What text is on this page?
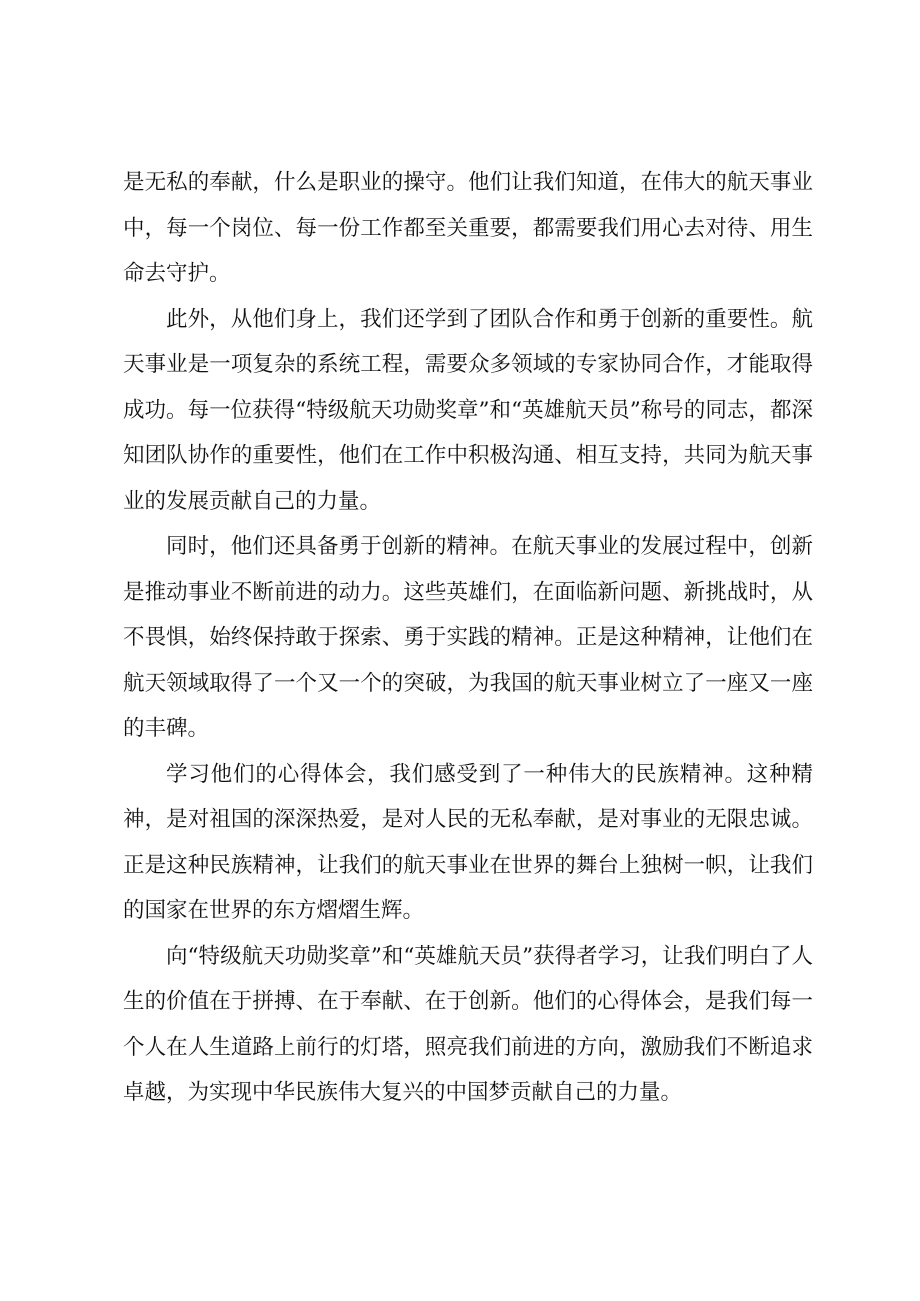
是无私的奉献，什么是职业的操守。他们让我们知道，在伟大的航天事业中，每一个岗位、每一份工作都至关重要，都需要我们用心去对待、用生命去守护。

此外，从他们身上，我们还学到了团队合作和勇于创新的重要性。航天事业是一项复杂的系统工程，需要众多领域的专家协同合作，才能取得成功。每一位获得“特级航天功勋奖章”和“英雄航天员”称号的同志，都深知团队协作的重要性，他们在工作中积极沟通、相互支持，共同为航天事业的发展贡献自己的力量。

同时，他们还具备勇于创新的精神。在航天事业的发展过程中，创新是推动事业不断前进的动力。这些英雄们，在面临新问题、新挑战时，从不畏惧，始终保持敢于探索、勇于实践的精神。正是这种精神，让他们在航天领域取得了一个又一个的突破，为我国的航天事业树立了一座又一座的丰碑。

学习他们的心得体会，我们感受到了一种伟大的民族精神。这种精神，是对祖国的深深热爱，是对人民的无私奉献，是对事业的无限忠诚。正是这种民族精神，让我们的航天事业在世界的舞台上独树一帜，让我们的国家在世界的东方熠熠生辉。

向“特级航天功勋奖章”和“英雄航天员”获得者学习，让我们明白了人生的价值在于拼搏、在于奉献、在于创新。他们的心得体会，是我们每一个人在人生道路上前行的灯塔，照亮我们前进的方向，激励我们不断追求卓越，为实现中华民族伟大复兴的中国梦贡献自己的力量。
